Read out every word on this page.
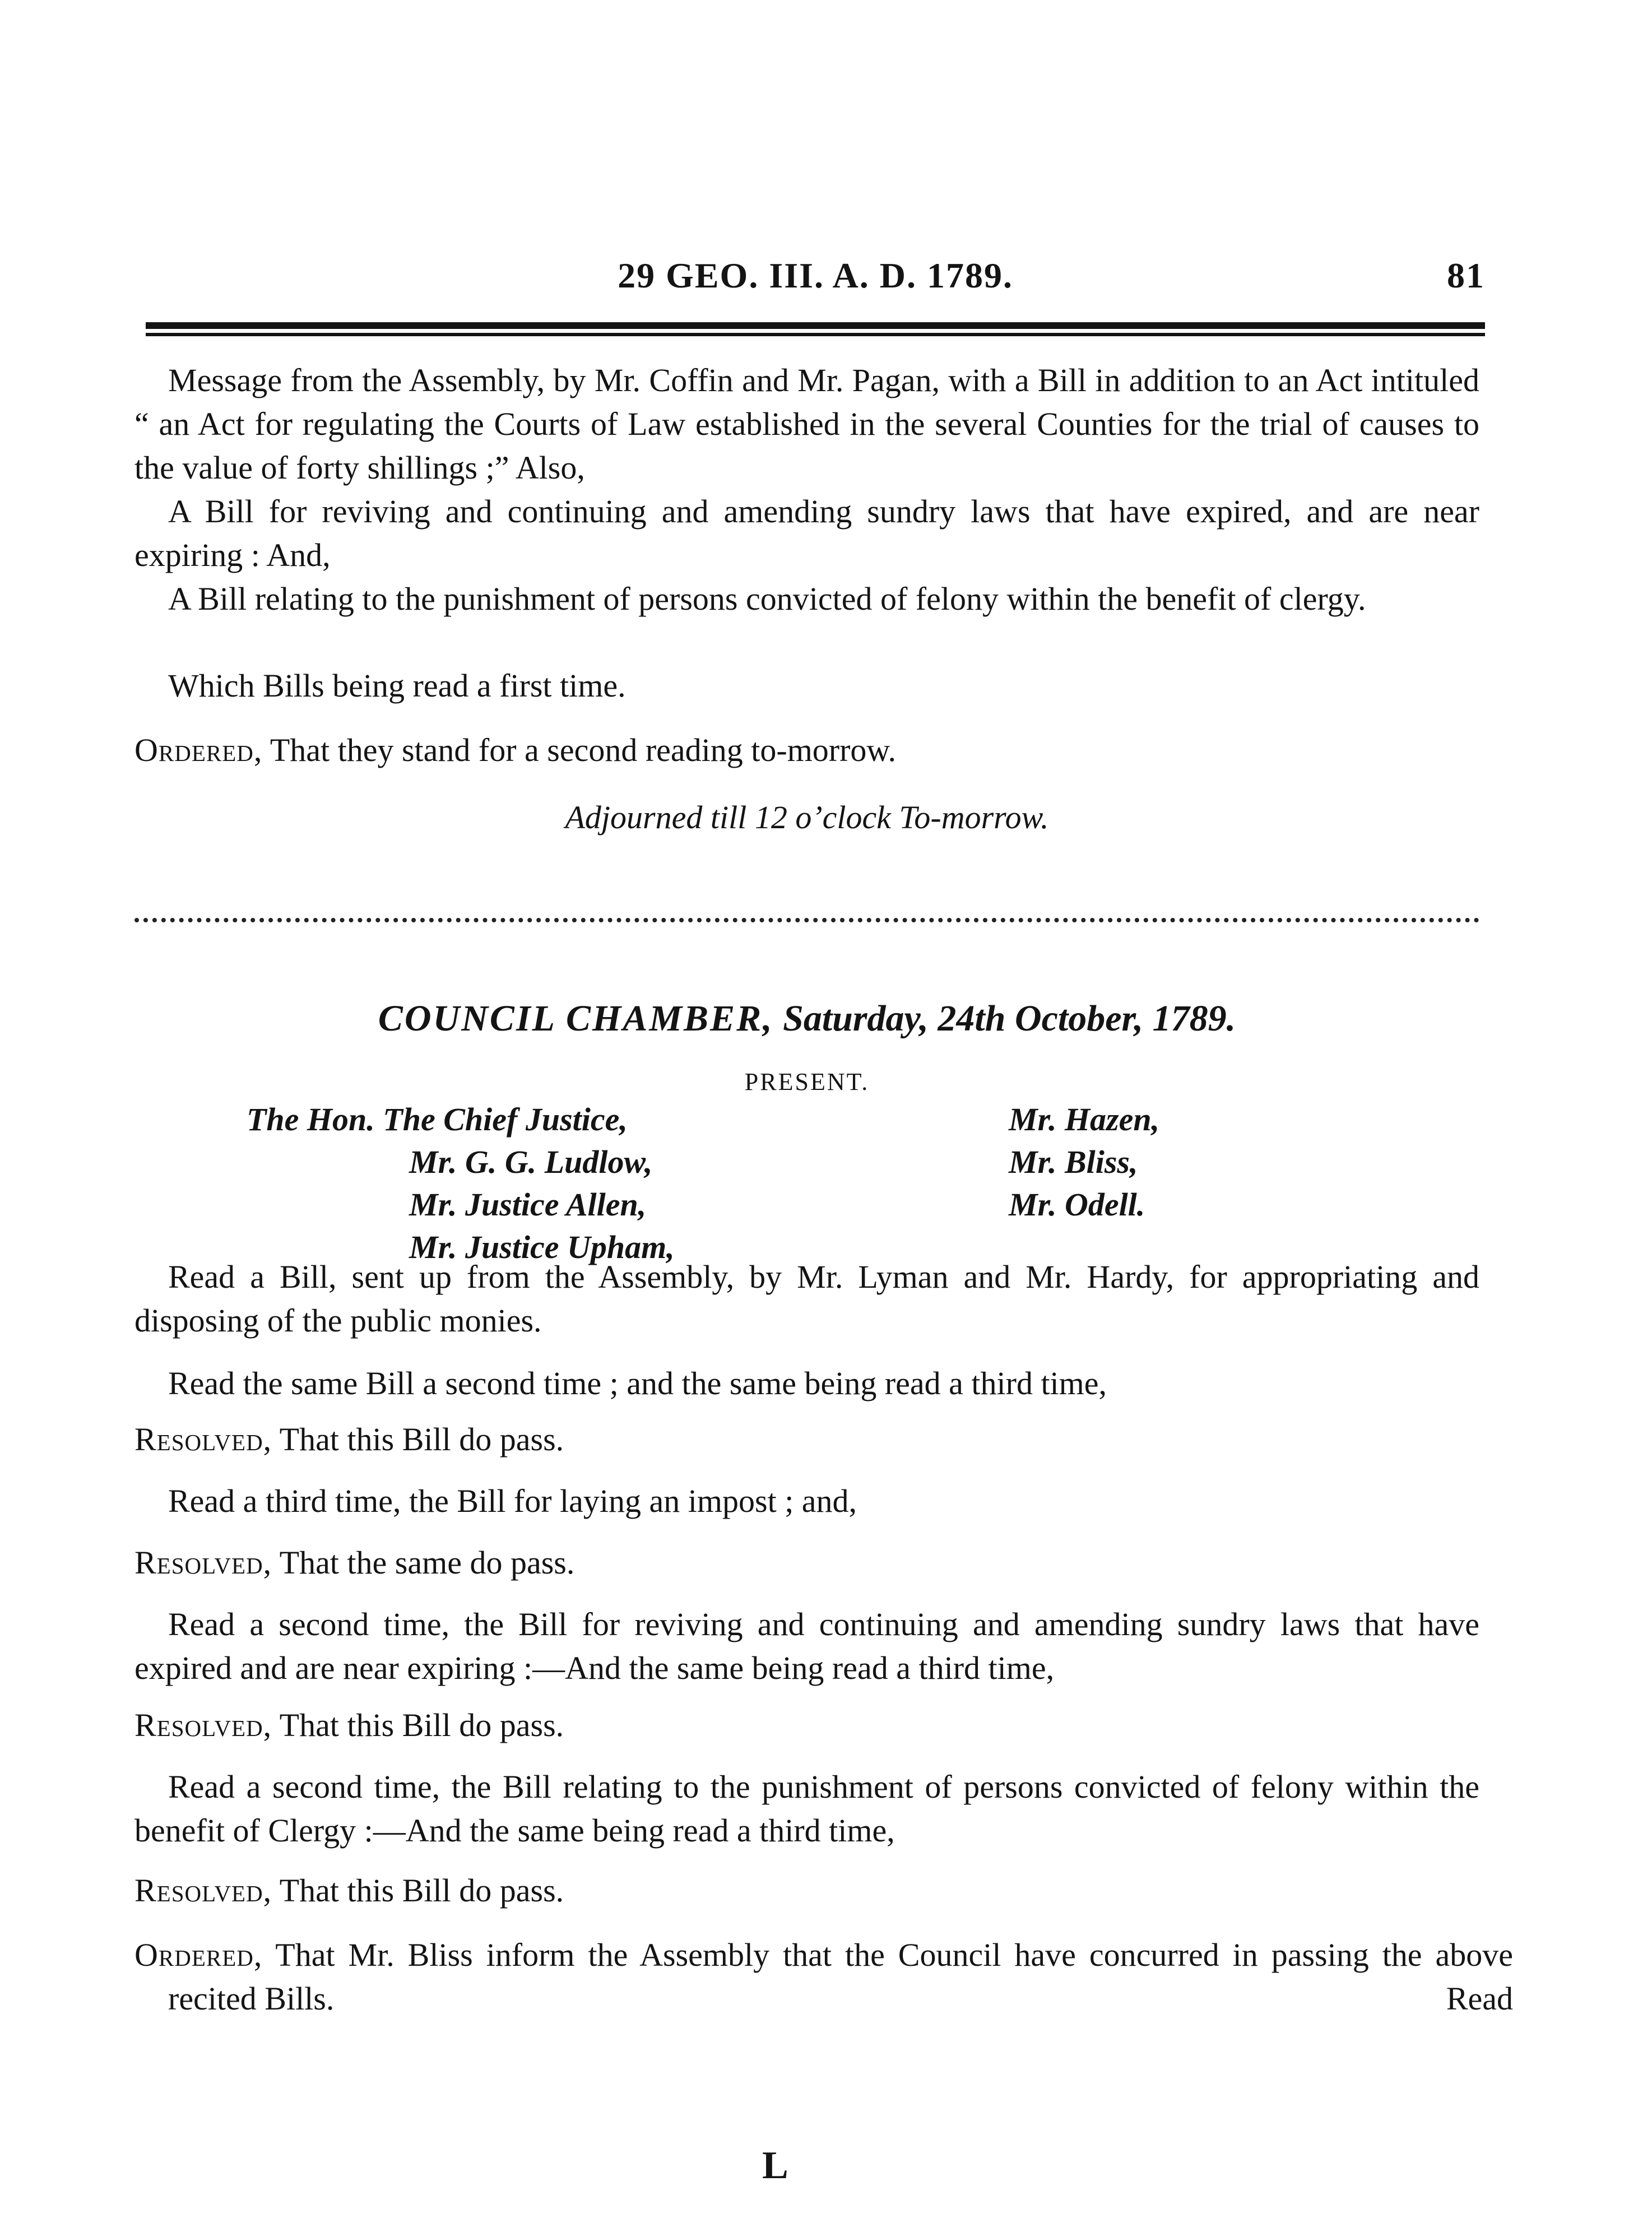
29 GEO. III. A. D. 1789.	81

Message from the Assembly, by Mr. Coffin and Mr. Pagan, with a Bill in addition to an Act intituled “ an Act for regulating the Courts of Law established in the several Counties for the trial of causes to the value of forty shillings ;” Also,

A Bill for reviving and continuing and amending sundry laws that have expired, and are near expiring : And,

A Bill relating to the punishment of persons convicted of felony within the benefit of clergy.

Which Bills being read a first time.

Ordered, That they stand for a second reading to-morrow.

Adjourned till 12 o’clock To-morrow.

COUNCIL CHAMBER, Saturday, 24th October, 1789.
PRESENT.
The Hon. The Chief Justice,
Mr. G. G. Ludlow,
Mr. Justice Allen,
Mr. Justice Upham,
Mr. Hazen,
Mr. Bliss,
Mr. Odell.

Read a Bill, sent up from the Assembly, by Mr. Lyman and Mr. Hardy, for appropriating and disposing of the public monies.

Read the same Bill a second time ; and the same being read a third time,

Resolved, That this Bill do pass.

Read a third time, the Bill for laying an impost ; and,

Resolved, That the same do pass.

Read a second time, the Bill for reviving and continuing and amending sundry laws that have expired and are near expiring :—And the same being read a third time,

Resolved, That this Bill do pass.

Read a second time, the Bill relating to the punishment of persons convicted of felony within the benefit of Clergy :—And the same being read a third time,

Resolved, That this Bill do pass.

Ordered, That Mr. Bliss inform the Assembly that the Council have concurred in passing the above recited Bills.	Read

L
